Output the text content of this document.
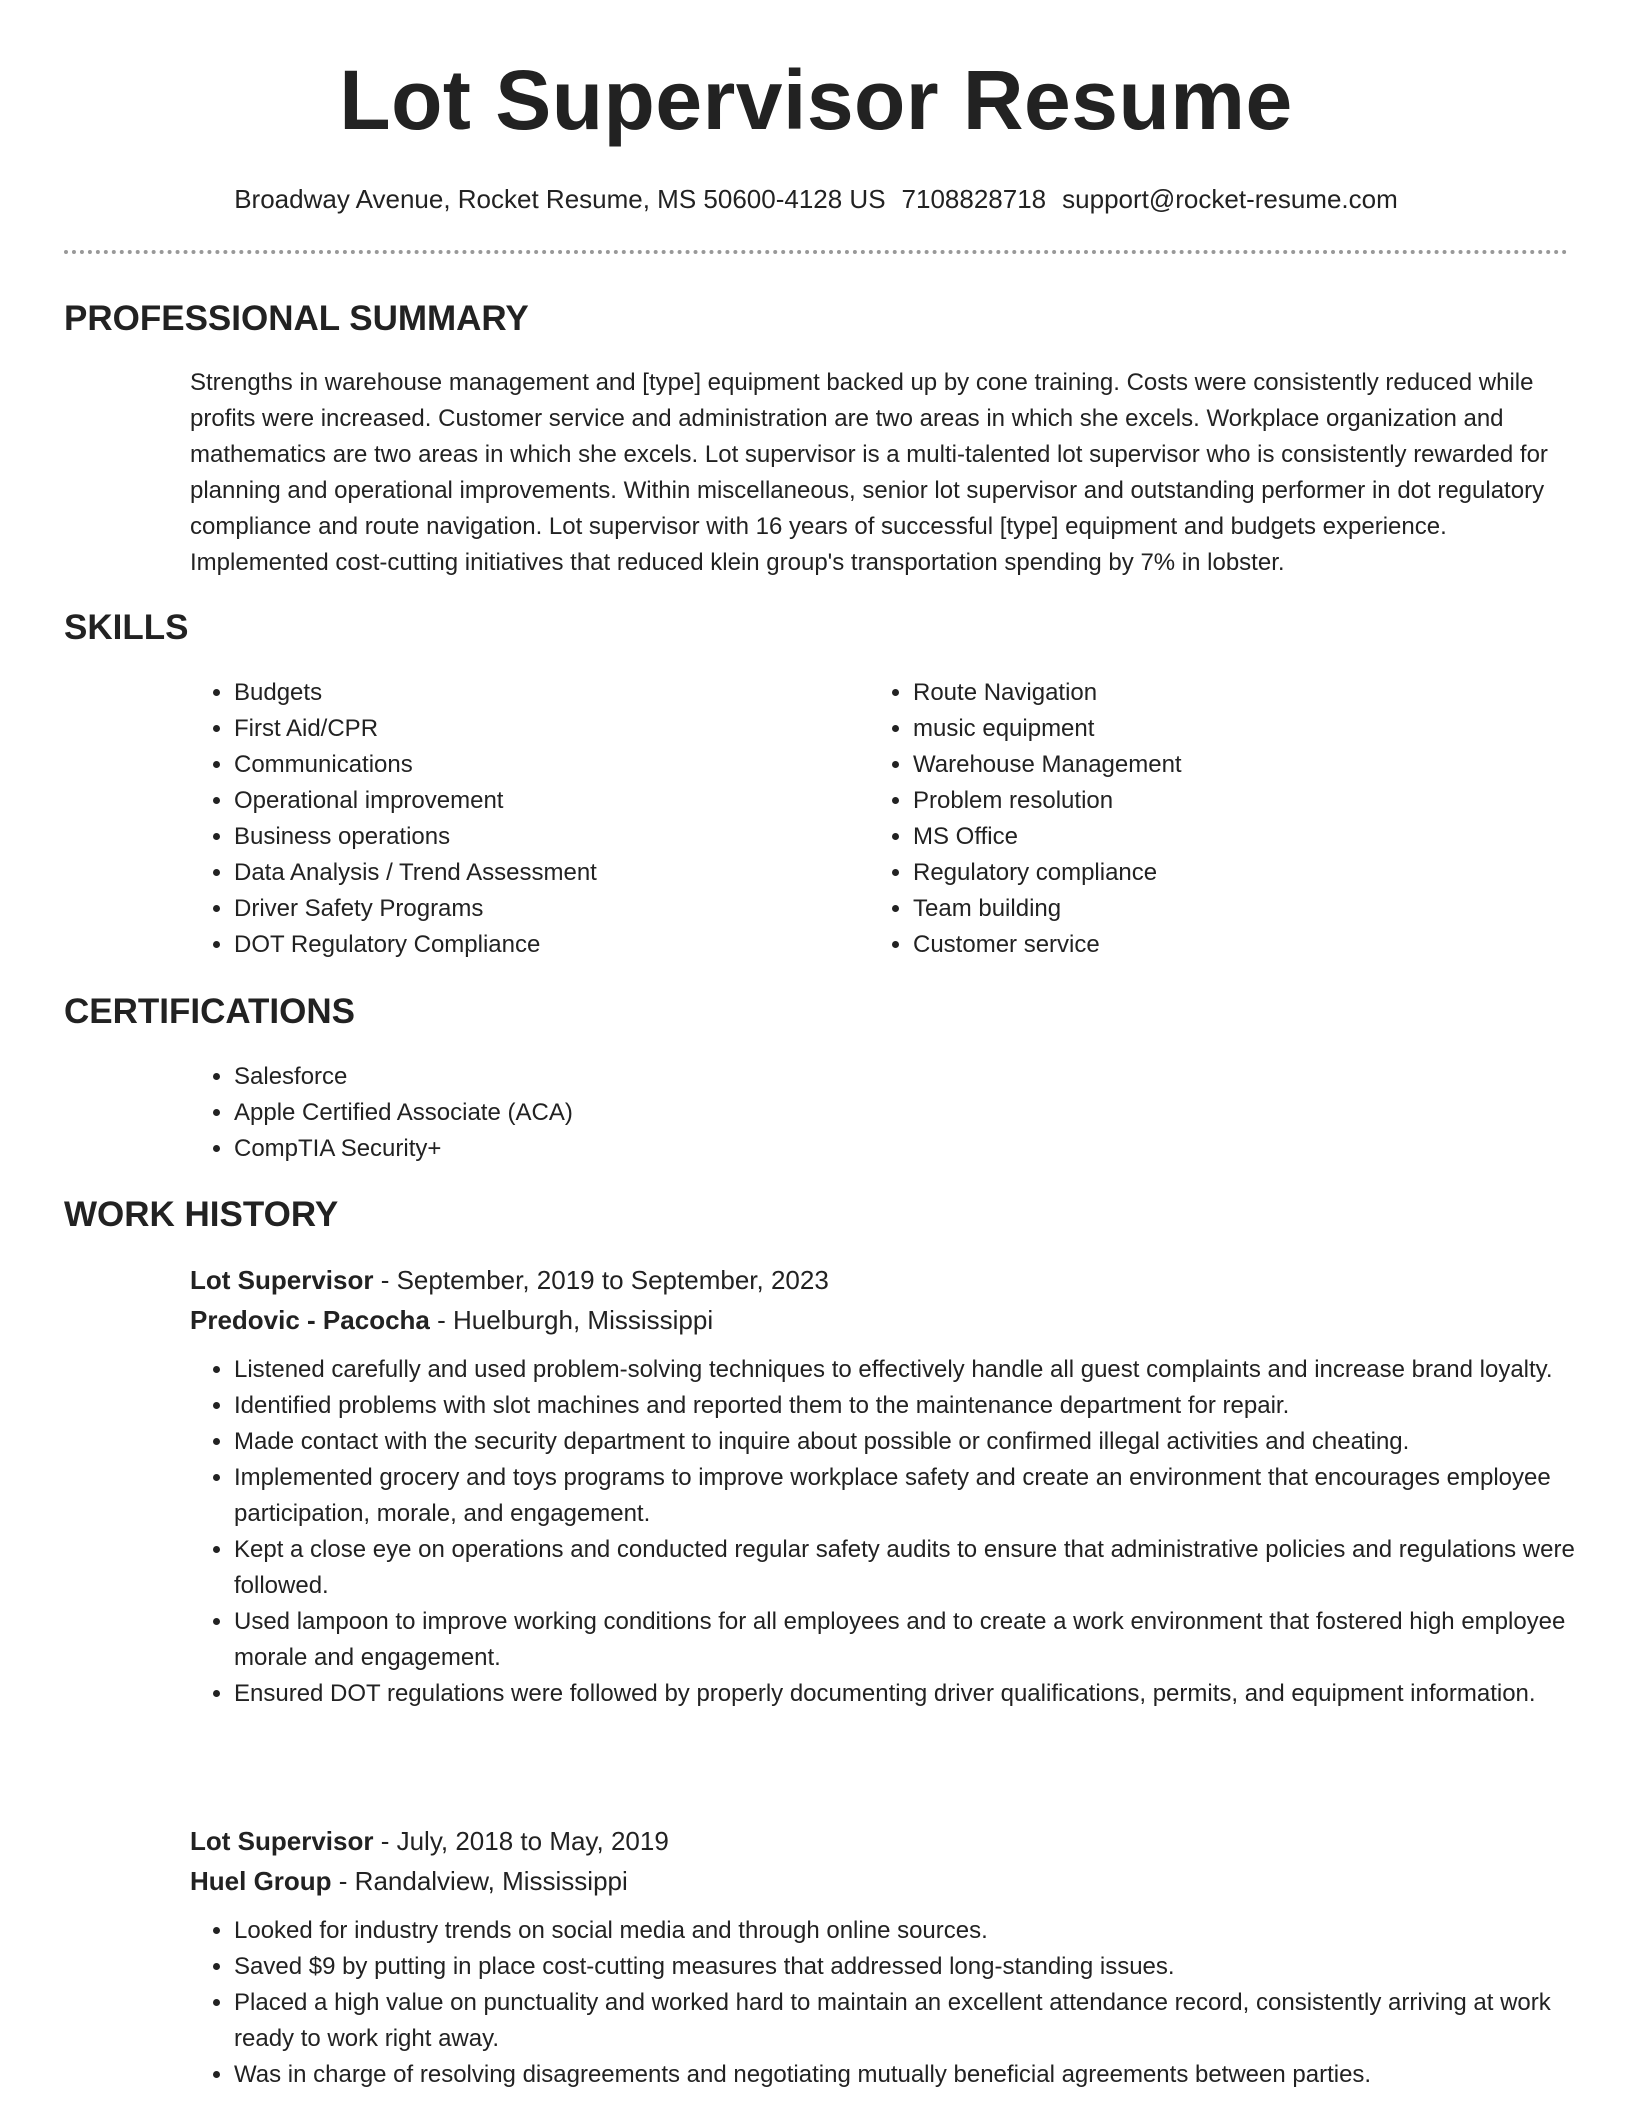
Lot Supervisor Resume
Broadway Avenue, Rocket Resume, MS 50600-4128 US 7108828718 support@rocket-resume.com
PROFESSIONAL SUMMARY
Strengths in warehouse management and [type] equipment backed up by cone training. Costs were consistently reduced while profits were increased. Customer service and administration are two areas in which she excels. Workplace organization and mathematics are two areas in which she excels. Lot supervisor is a multi-talented lot supervisor who is consistently rewarded for planning and operational improvements. Within miscellaneous, senior lot supervisor and outstanding performer in dot regulatory compliance and route navigation. Lot supervisor with 16 years of successful [type] equipment and budgets experience. Implemented cost-cutting initiatives that reduced klein group's transportation spending by 7% in lobster.
SKILLS
• Budgets
• First Aid/CPR
• Communications
• Operational improvement
• Business operations
• Data Analysis / Trend Assessment
• Driver Safety Programs
• DOT Regulatory Compliance
• Route Navigation
• music equipment
• Warehouse Management
• Problem resolution
• MS Office
• Regulatory compliance
• Team building
• Customer service
CERTIFICATIONS
• Salesforce
• Apple Certified Associate (ACA)
• CompTIA Security+
WORK HISTORY
Lot Supervisor - September, 2019 to September, 2023
Predovic - Pacocha - Huelburgh, Mississippi
• Listened carefully and used problem-solving techniques to effectively handle all guest complaints and increase brand loyalty.
• Identified problems with slot machines and reported them to the maintenance department for repair.
• Made contact with the security department to inquire about possible or confirmed illegal activities and cheating.
• Implemented grocery and toys programs to improve workplace safety and create an environment that encourages employee participation, morale, and engagement.
• Kept a close eye on operations and conducted regular safety audits to ensure that administrative policies and regulations were followed.
• Used lampoon to improve working conditions for all employees and to create a work environment that fostered high employee morale and engagement.
• Ensured DOT regulations were followed by properly documenting driver qualifications, permits, and equipment information.
Lot Supervisor - July, 2018 to May, 2019
Huel Group - Randalview, Mississippi
• Looked for industry trends on social media and through online sources.
• Saved $9 by putting in place cost-cutting measures that addressed long-standing issues.
• Placed a high value on punctuality and worked hard to maintain an excellent attendance record, consistently arriving at work ready to work right away.
• Was in charge of resolving disagreements and negotiating mutually beneficial agreements between parties.
